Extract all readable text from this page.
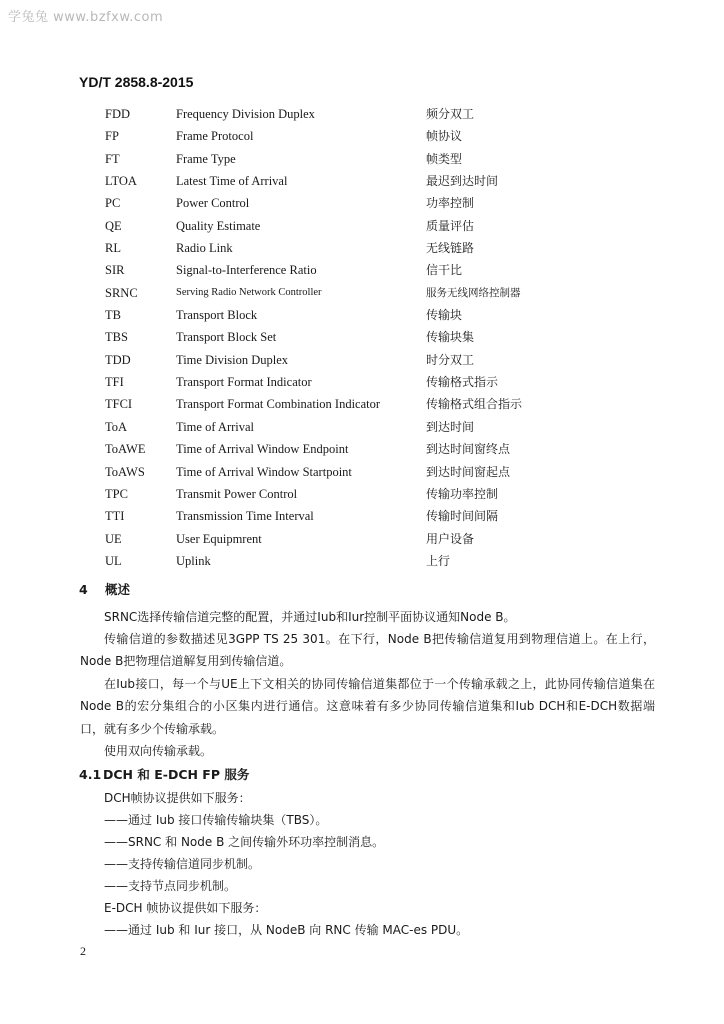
学兔兔 www.bzfxw.com
YD/T 2858.8-2015
FDD	Frequency Division Duplex	频分双工
FP	Frame Protocol	帧协议
FT	Frame Type	帧类型
LTOA	Latest Time of Arrival	最迟到达时间
PC	Power Control	功率控制
QE	Quality Estimate	质量评估
RL	Radio Link	无线链路
SIR	Signal-to-Interference Ratio	信干比
SRNC	Serving Radio Network Controller	服务无线网络控制器
TB	Transport Block	传输块
TBS	Transport Block Set	传输块集
TDD	Time Division Duplex	时分双工
TFI	Transport Format Indicator	传输格式指示
TFCI	Transport Format Combination Indicator	传输格式组合指示
ToA	Time of Arrival	到达时间
ToAWE Time of Arrival Window Endpoint	到达时间窗终点
ToAWS Time of Arrival Window Startpoint	到达时间窗起点
TPC	Transmit Power Control	传输功率控制
TTI	Transmission Time Interval	传输时间间隔
UE	User Equipmrent	用户设备
UL	Uplink	上行
4 概述
SRNC选择传输信道完整的配置，并通过Iub和Iur控制平面协议通知Node B。
传输信道的参数描述见3GPP TS 25 301。在下行，Node B把传输信道复用到物理信道上。在上行，Node B把物理信道解复用到传输信道。
在Iub接口，每一个与UE上下文相关的协同传输信道集都位于一个传输承载之上，此协同传输信道集在Node B的宏分集组合的小区集内进行通信。这意味着有多少协同传输信道集和Iub DCH和E-DCH数据端口，就有多少个传输承载。
使用双向传输承载。
4.1 DCH 和 E-DCH FP 服务
DCH帧协议提供如下服务：
——通过 Iub 接口传输传输块集（TBS）。
——SRNC 和 Node B 之间传输外环功率控制消息。
——支持传输信道同步机制。
——支持节点同步机制。
E-DCH 帧协议提供如下服务：
——通过 Iub 和 Iur 接口，从 NodeB 向 RNC 传输 MAC-es PDU。
2
